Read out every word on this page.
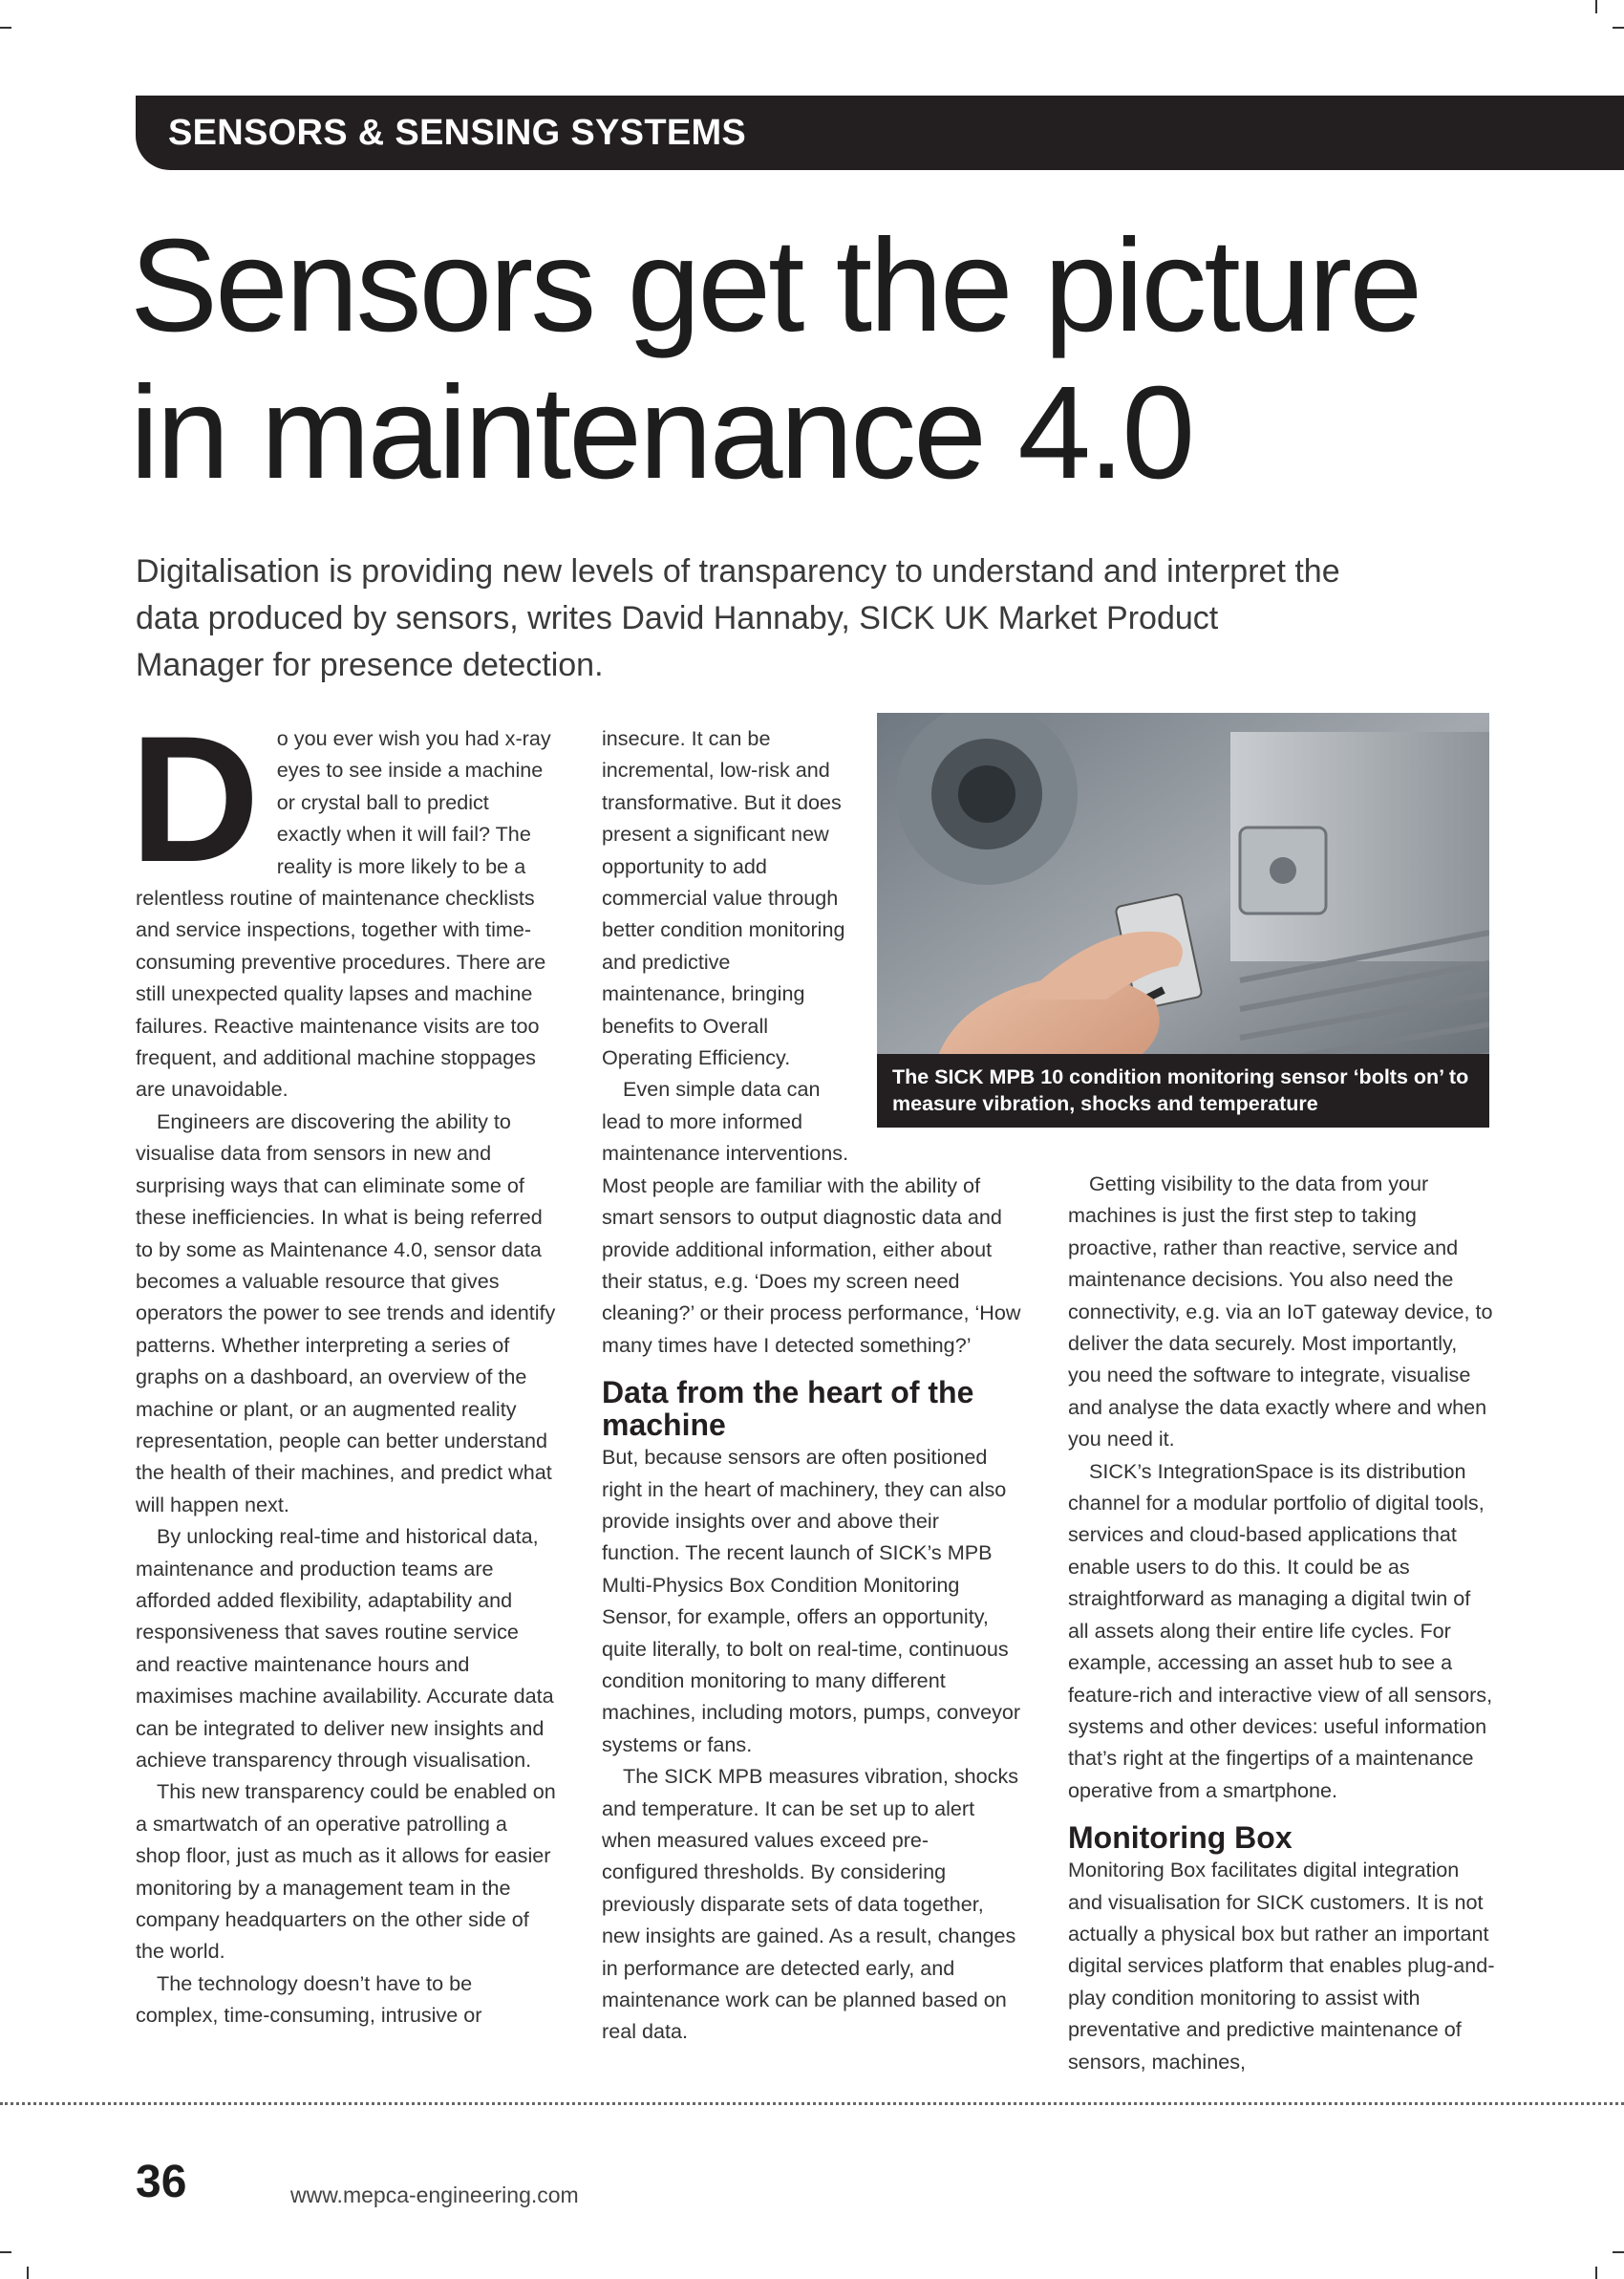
SENSORS & SENSING SYSTEMS
Sensors get the picture
in maintenance 4.0

Digitalisation is providing new levels of transparency to understand and interpret the data produced by sensors, writes David Hannaby, SICK UK Market Product Manager for presence detection.

Do you ever wish you had x-ray eyes to see inside a machine or crystal ball to predict exactly when it will fail? The reality is more likely to be a relentless routine of maintenance checklists and service inspections, together with time-consuming preventive procedures. There are still unexpected quality lapses and machine failures. Reactive maintenance visits are too frequent, and additional machine stoppages are unavoidable.

Engineers are discovering the ability to visualise data from sensors in new and surprising ways that can eliminate some of these inefficiencies. In what is being referred to by some as Maintenance 4.0, sensor data becomes a valuable resource that gives operators the power to see trends and identify patterns. Whether interpreting a series of graphs on a dashboard, an overview of the machine or plant, or an augmented reality representation, people can better understand the health of their machines, and predict what will happen next.

By unlocking real-time and historical data, maintenance and production teams are afforded added flexibility, adaptability and responsiveness that saves routine service and reactive maintenance hours and maximises machine availability. Accurate data can be integrated to deliver new insights and achieve transparency through visualisation.

This new transparency could be enabled on a smartwatch of an operative patrolling a shop floor, just as much as it allows for easier monitoring by a management team in the company headquarters on the other side of the world.

The technology doesn’t have to be complex, time-consuming, intrusive or

insecure. It can be incremental, low-risk and transformative. But it does present a significant new opportunity to add commercial value through better condition monitoring and predictive maintenance, bringing benefits to Overall Operating Efficiency.

Even simple data can lead to more informed maintenance interventions.

Most people are familiar with the ability of smart sensors to output diagnostic data and provide additional information, either about their status, e.g. ‘Does my screen need cleaning?’ or their process performance, ‘How many times have I detected something?’

Data from the heart of the machine

But, because sensors are often positioned right in the heart of machinery, they can also provide insights over and above their function. The recent launch of SICK’s MPB Multi-Physics Box Condition Monitoring Sensor, for example, offers an opportunity, quite literally, to bolt on real-time, continuous condition monitoring to many different machines, including motors, pumps, conveyor systems or fans.

The SICK MPB measures vibration, shocks and temperature. It can be set up to alert when measured values exceed pre-configured thresholds. By considering previously disparate sets of data together, new insights are gained. As a result, changes in performance are detected early, and maintenance work can be planned based on real data.

The SICK MPB 10 condition monitoring sensor ‘bolts on’ to measure vibration, shocks and temperature

Getting visibility to the data from your machines is just the first step to taking proactive, rather than reactive, service and maintenance decisions. You also need the connectivity, e.g. via an IoT gateway device, to deliver the data securely. Most importantly, you need the software to integrate, visualise and analyse the data exactly where and when you need it.

SICK’s IntegrationSpace is its distribution channel for a modular portfolio of digital tools, services and cloud-based applications that enable users to do this. It could be as straightforward as managing a digital twin of all assets along their entire life cycles. For example, accessing an asset hub to see a feature-rich and interactive view of all sensors, systems and other devices: useful information that’s right at the fingertips of a maintenance operative from a smartphone.

Monitoring Box

Monitoring Box facilitates digital integration and visualisation for SICK customers. It is not actually a physical box but rather an important digital services platform that enables plug-and-play condition monitoring to assist with preventative and predictive maintenance of sensors, machines,

36	www.mepca-engineering.com
